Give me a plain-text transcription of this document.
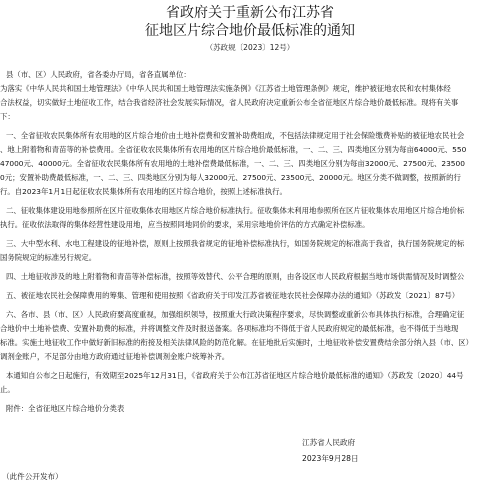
省政府关于重新公布江苏省
征地区片综合地价最低标准的通知
（苏政规〔2023〕12号）
县（市、区）人民政府，省各委办厅局，省各直属单位：
为落实《中华人民共和国土地管理法》《中华人民共和国土地管理法实施条例》《江苏省土地管理条例》规定，维护被征地农民和农村集体经
合法权益，切实做好土地征收工作，结合我省经济社会发展实际情况，省人民政府决定重新公布全省征地区片综合地价最低标准。现将有关事
下：
一、全省征收农民集体所有农用地的区片综合地价由土地补偿费和安置补助费组成，不包括法律规定用于社会保险缴费补贴的被征地农民社会
、地上附着物和青苗等的补偿费用。全省征收农民集体所有农用地的区片综合地价最低标准，一、二、三、四类地区分别为每亩64000元、550
47000元、40000元。全省征收农民集体所有农用地的土地补偿费最低标准，一、二、三、四类地区分别为每亩32000元、27500元、23500
0元；安置补助费最低标准，一、二、三、四类地区分别为每人32000元、27500元、23500元、20000元。地区分类不做调整，按照新的行
行。自2023年1月1日起征收农民集体所有农用地的区片综合地价，按照上述标准执行。
二、征收集体建设用地参照所在区片征收集体农用地区片综合地价标准执行。征收集体未利用地参照所在区片征收集体农用地区片综合地价标
执行。征收依法取得的集体经营性建设用地，应当按照同地同价的要求，采用宗地地价评估的方式确定补偿标准。
三、大中型水利、水电工程建设的征地补偿，原则上按照我省规定的征地补偿标准执行，如国务院规定的标准高于我省，执行国务院规定的标
国务院规定的标准另行规定。
四、土地征收涉及的地上附着物和青苗等补偿标准，按照等效替代、公平合理的原则，由各设区市人民政府根据当地市场供需情况及时调整公
五、被征地农民社会保障费用的筹集、管理和使用按照《省政府关于印发江苏省被征地农民社会保障办法的通知》（苏政发〔2021〕87号）
六、各市、县（市、区）人民政府要高度重视，加强组织领导，按照重大行政决策程序要求，尽快调整或重新公布具体执行标准，合理确定征
合地价中土地补偿费、安置补助费的标准，并将调整文件及时报送备案。各项标准均不得低于省人民政府规定的最低标准，也不得低于当地现
标准。实施土地征收工作中做好新旧标准的衔接及相关法律风险的防范化解。在征地批后实施时，土地征收补偿安置费结余部分纳入县（市、区）
调剂金账户，不足部分由地方政府通过征地补偿调剂金账户统筹补齐。
本通知自公布之日起施行，有效期至2025年12月31日，《省政府关于公布江苏省征地区片综合地价最低标准的通知》（苏政发〔2020〕44号
止。
附件：全省征地区片综合地价分类表
江苏省人民政府
2023年9月28日
（此件公开发布）
